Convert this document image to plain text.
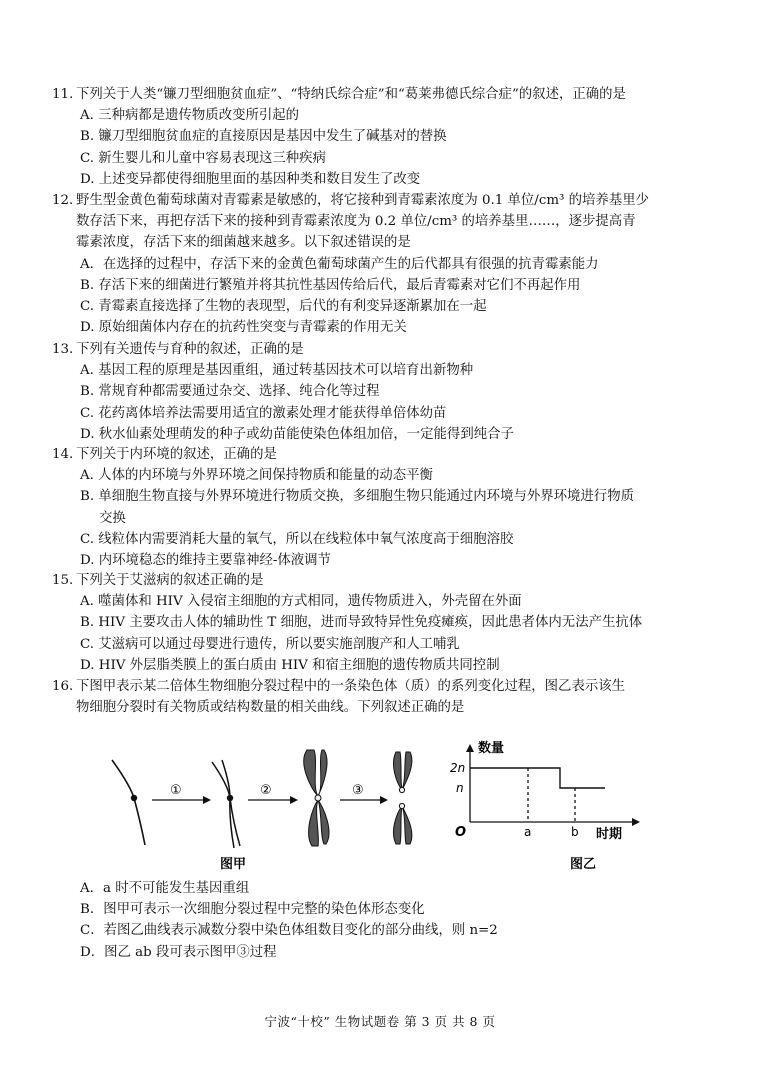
11. 下列关于人类“镰刀型细胞贫血症”、“特纳氏综合症”和“葛莱弗德氏综合症”的叙述，正确的是
A. 三种病都是遗传物质改变所引起的
B. 镰刀型细胞贫血症的直接原因是基因中发生了碱基对的替换
C. 新生婴儿和儿童中容易表现这三种疾病
D. 上述变异都使得细胞里面的基因种类和数目发生了改变
12. 野生型金黄色葡萄球菌对青霉素是敏感的，将它接种到青霉素浓度为 0.1 单位/cm³ 的培养基里少
数存活下来，再把存活下来的接种到青霉素浓度为 0.2 单位/cm³ 的培养基里……，逐步提高青
霉素浓度，存活下来的细菌越来越多。以下叙述错误的是
A．在选择的过程中，存活下来的金黄色葡萄球菌产生的后代都具有很强的抗青霉素能力
B. 存活下来的细菌进行繁殖并将其抗性基因传给后代，最后青霉素对它们不再起作用
C. 青霉素直接选择了生物的表现型，后代的有利变异逐渐累加在一起
D. 原始细菌体内存在的抗药性突变与青霉素的作用无关
13. 下列有关遗传与育种的叙述，正确的是
A. 基因工程的原理是基因重组，通过转基因技术可以培育出新物种
B. 常规育种都需要通过杂交、选择、纯合化等过程
C. 花药离体培养法需要用适宜的激素处理才能获得单倍体幼苗
D. 秋水仙素处理萌发的种子或幼苗能使染色体组加倍，一定能得到纯合子
14. 下列关于内环境的叙述，正确的是
A. 人体的内环境与外界环境之间保持物质和能量的动态平衡
B. 单细胞生物直接与外界环境进行物质交换，多细胞生物只能通过内环境与外界环境进行物质
交换
C. 线粒体内需要消耗大量的氧气，所以在线粒体中氧气浓度高于细胞溶胶
D. 内环境稳态的维持主要靠神经-体液调节
15. 下列关于艾滋病的叙述正确的是
A. 噬菌体和 HIV 入侵宿主细胞的方式相同，遗传物质进入，外壳留在外面
B. HIV 主要攻击人体的辅助性 T 细胞，进而导致特异性免疫瘫痪，因此患者体内无法产生抗体
C. 艾滋病可以通过母婴进行遗传，所以要实施剖腹产和人工哺乳
D. HIV 外层脂类膜上的蛋白质由 HIV 和宿主细胞的遗传物质共同控制
16. 下图甲表示某二倍体生物细胞分裂过程中的一条染色体（质）的系列变化过程，图乙表示该生
物细胞分裂时有关物质或结构数量的相关曲线。下列叙述正确的是
①	②	③
图甲
数量
时期
O
2n
n
a	b
图乙
A．a 时不可能发生基因重组
B．图甲可表示一次细胞分裂过程中完整的染色体形态变化
C．若图乙曲线表示减数分裂中染色体组数目变化的部分曲线，则 n=2
D．图乙 ab 段可表示图甲③过程
宁波“十校” 生物试题卷 第 3 页 共 8 页
